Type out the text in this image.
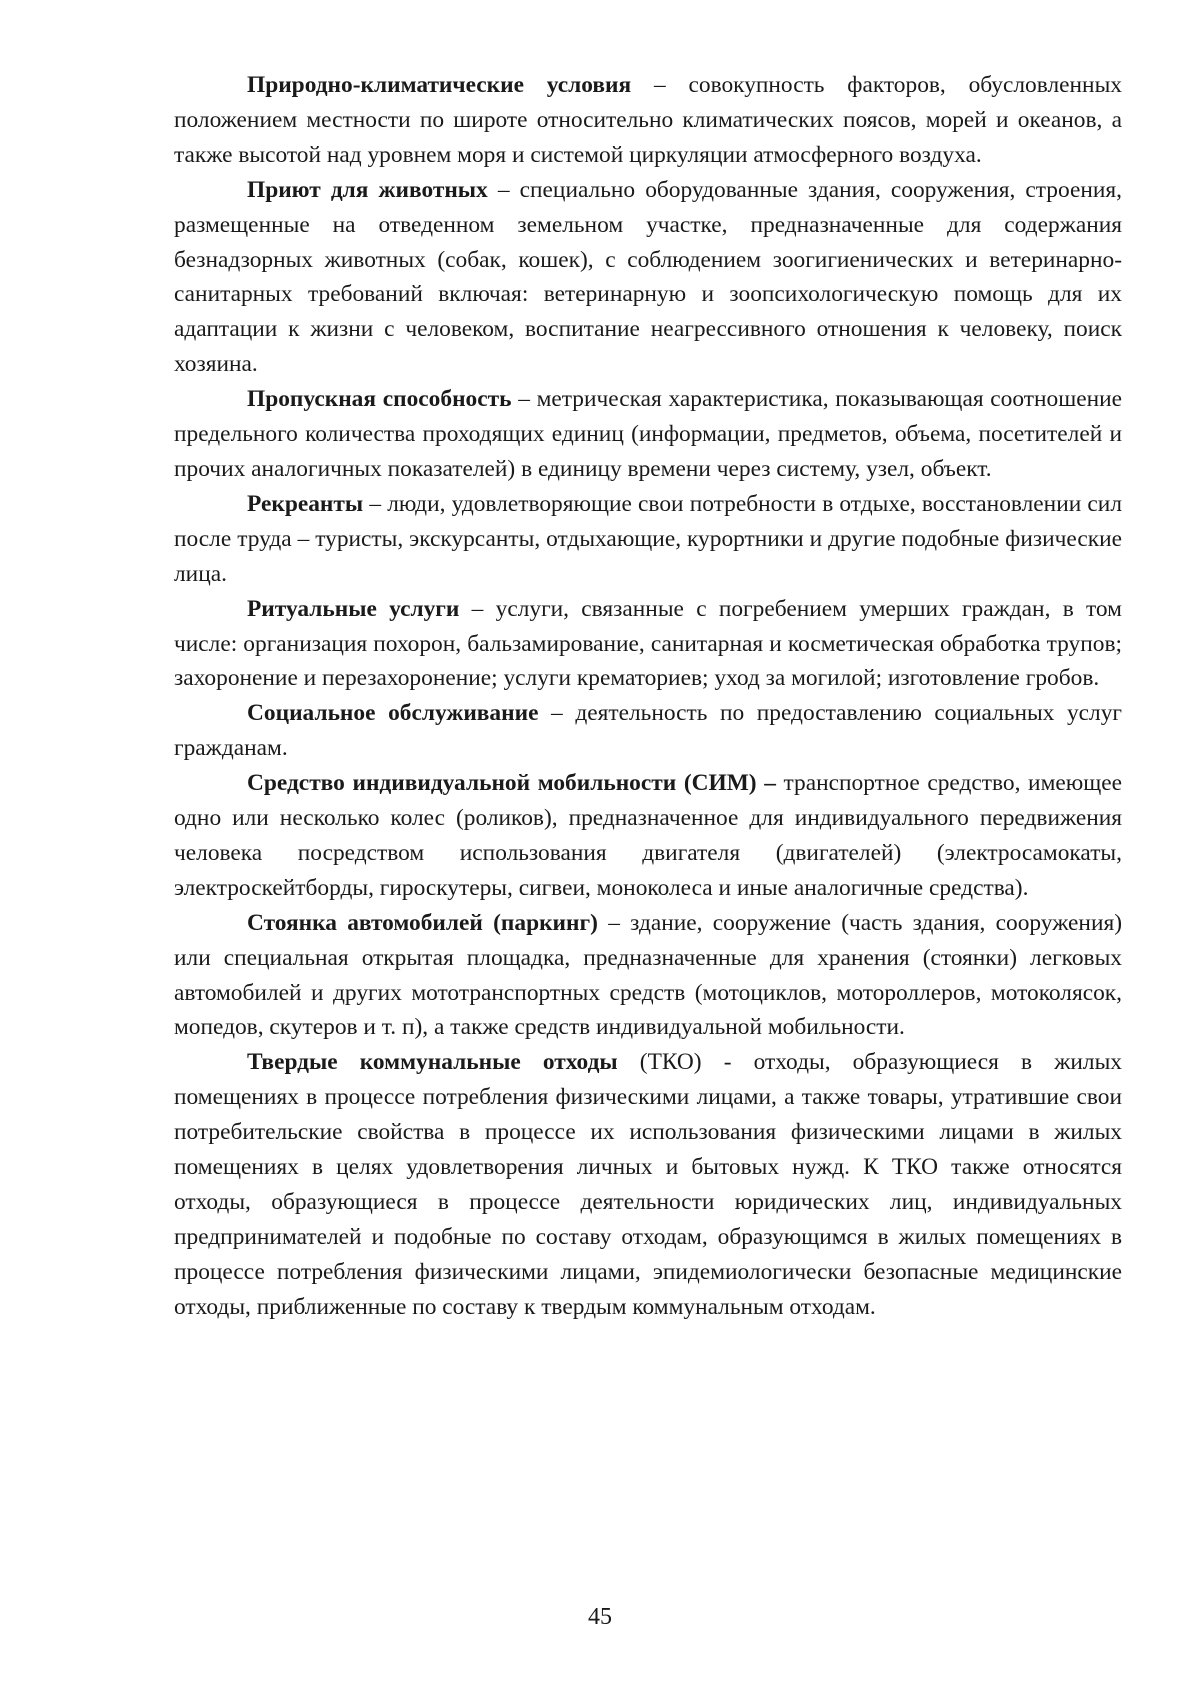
Природно-климатические условия – совокупность факторов, обусловленных положением местности по широте относительно климатических поясов, морей и океанов, а также высотой над уровнем моря и системой циркуляции атмосферного воздуха.

Приют для животных – специально оборудованные здания, сооружения, строения, размещенные на отведенном земельном участке, предназначенные для содержания безнадзорных животных (собак, кошек), с соблюдением зоогигиенических и ветеринарно-санитарных требований включая: ветеринарную и зоопсихологическую помощь для их адаптации к жизни с человеком, воспитание неагрессивного отношения к человеку, поиск хозяина.

Пропускная способность – метрическая характеристика, показывающая соотношение предельного количества проходящих единиц (информации, предметов, объема, посетителей и прочих аналогичных показателей) в единицу времени через систему, узел, объект.

Рекреанты – люди, удовлетворяющие свои потребности в отдыхе, восстановлении сил после труда – туристы, экскурсанты, отдыхающие, курортники и другие подобные физические лица.

Ритуальные услуги – услуги, связанные с погребением умерших граждан, в том числе: организация похорон, бальзамирование, санитарная и косметическая обработка трупов; захоронение и перезахоронение; услуги крематориев; уход за могилой; изготовление гробов.

Социальное обслуживание – деятельность по предоставлению социальных услуг гражданам.

Средство индивидуальной мобильности (СИМ) – транспортное средство, имеющее одно или несколько колес (роликов), предназначенное для индивидуального передвижения человека посредством использования двигателя (двигателей) (электросамокаты, электроскейтборды, гироскутеры, сигвеи, моноколеса и иные аналогичные средства).

Стоянка автомобилей (паркинг) – здание, сооружение (часть здания, сооружения) или специальная открытая площадка, предназначенные для хранения (стоянки) легковых автомобилей и других мототранспортных средств (мотоциклов, мотороллеров, мотоколясок, мопедов, скутеров и т. п), а также средств индивидуальной мобильности.

Твердые коммунальные отходы (ТКО) - отходы, образующиеся в жилых помещениях в процессе потребления физическими лицами, а также товары, утратившие свои потребительские свойства в процессе их использования физическими лицами в жилых помещениях в целях удовлетворения личных и бытовых нужд. К ТКО также относятся отходы, образующиеся в процессе деятельности юридических лиц, индивидуальных предпринимателей и подобные по составу отходам, образующимся в жилых помещениях в процессе потребления физическими лицами, эпидемиологически безопасные медицинские отходы, приближенные по составу к твердым коммунальным отходам.

45
